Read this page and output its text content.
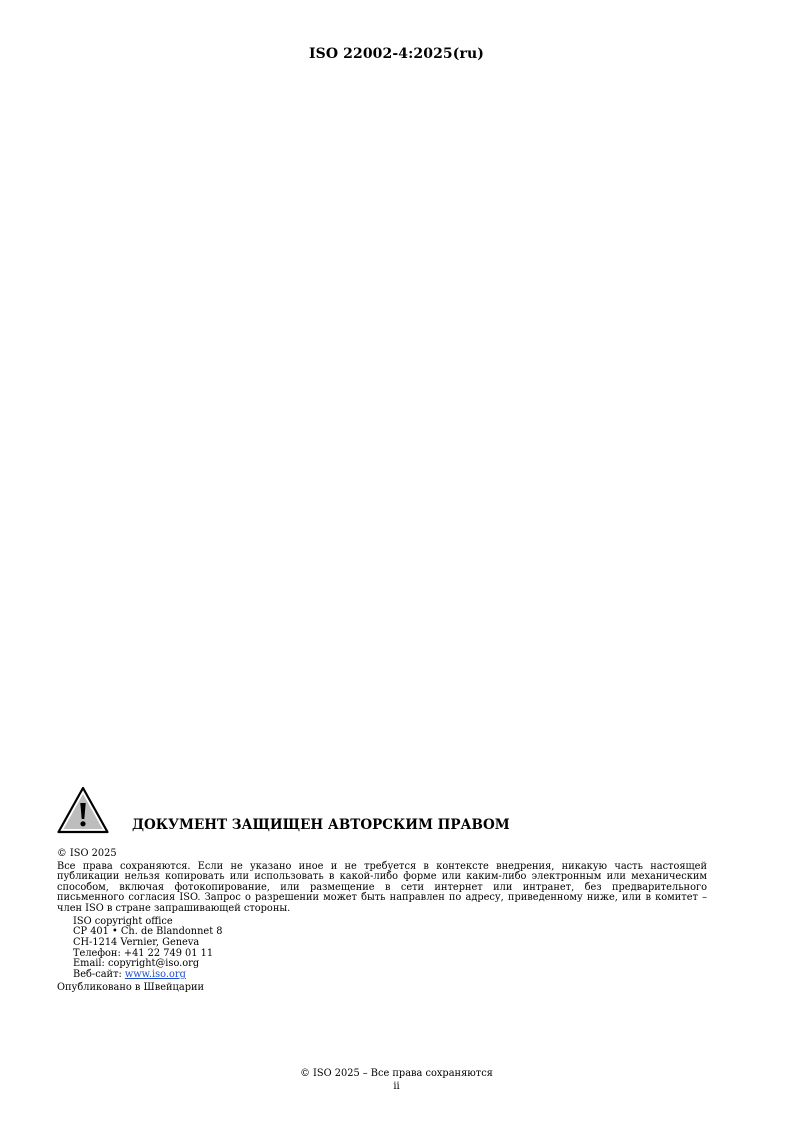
ISO 22002-4:2025(ru)
ДОКУМЕНТ ЗАЩИЩЕН АВТОРСКИМ ПРАВОМ
© ISO 2025
Все права сохраняются. Если не указано иное и не требуется в контексте внедрения, никакую часть настоящей
публикации нельзя копировать или использовать в какой-либо форме или каким-либо электронным или механическим
способом, включая фотокопирование, или размещение в сети интернет или интранет, без предварительного
письменного согласия ISO. Запрос о разрешении может быть направлен по адресу, приведенному ниже, или в комитет –
член ISO в стране запрашивающей стороны.
ISO copyright office
CP 401 • Ch. de Blandonnet 8
CH-1214 Vernier, Geneva
Телефон: +41 22 749 01 11
Email: copyright@iso.org
Веб-сайт: www.iso.org
Опубликовано в Швейцарии
© ISO 2025 – Все права сохраняются
ii
